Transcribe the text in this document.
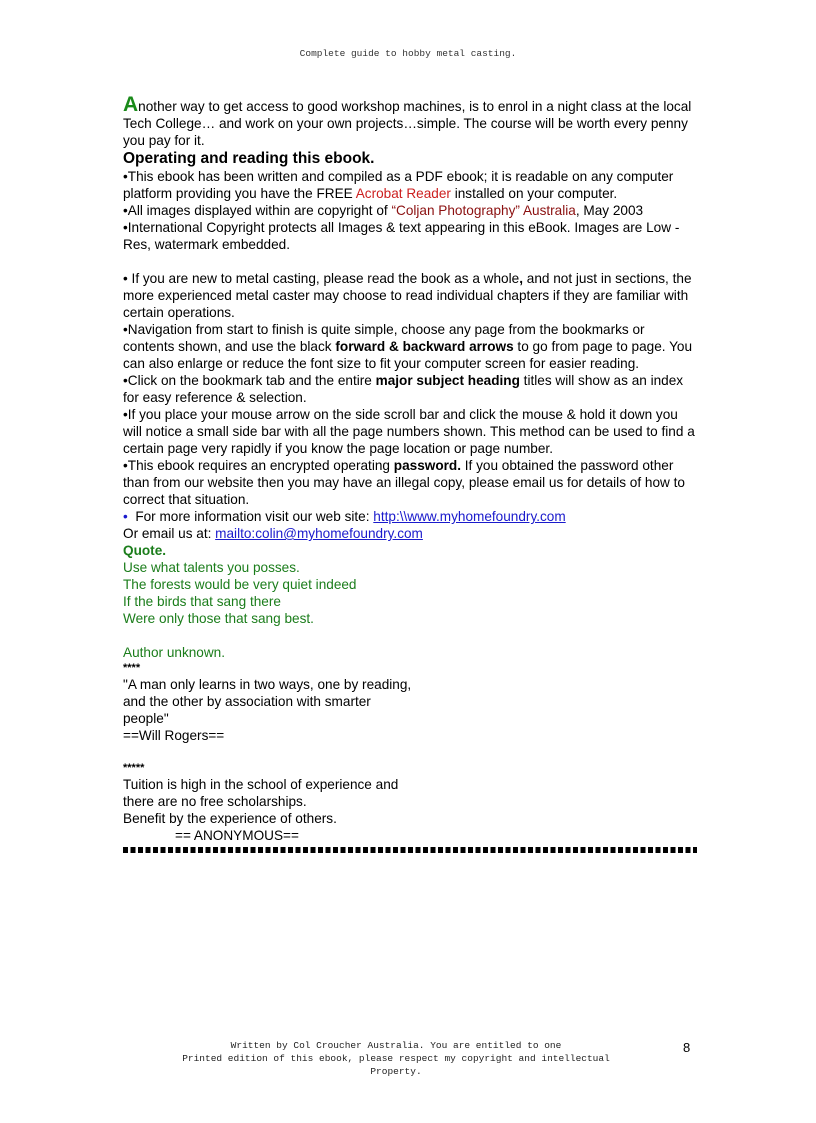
Complete guide to hobby metal casting.

Another way to get access to good workshop machines, is to enrol in a night class at the local Tech College… and work on your own projects…simple. The course will be worth every penny you pay for it.

Operating and reading this ebook.

•This ebook has been written and compiled as a PDF ebook; it is readable on any computer platform providing you have the FREE Acrobat Reader installed on your computer.

•All images displayed within are copyright of “Coljan Photography” Australia, May 2003

•International Copyright protects all Images & text appearing in this eBook. Images are Low - Res, watermark embedded.

• If you are new to metal casting, please read the book as a whole, and not just in sections, the more experienced metal caster may choose to read individual chapters if they are familiar with certain operations.

•Navigation from start to finish is quite simple, choose any page from the bookmarks or contents shown, and use the black forward & backward arrows to go from page to page. You can also enlarge or reduce the font size to fit your computer screen for easier reading.

•Click on the bookmark tab and the entire major subject heading titles will show as an index for easy reference & selection.

•If you place your mouse arrow on the side scroll bar and click the mouse & hold it down you will notice a small side bar with all the page numbers shown. This method can be used to find a certain page very rapidly if you know the page location or page number.

•This ebook requires an encrypted operating password. If you obtained the password other than from our website then you may have an illegal copy, please email us for details of how to correct that situation.

•  For more information visit our web site: http:\\www.myhomefoundry.com

Or email us at: mailto:colin@myhomefoundry.com

Quote.

Use what talents you posses.

The forests would be very quiet indeed

If the birds that sang there

Were only those that sang best.

Author unknown.

****

"A man only learns in two ways, one by reading,

and the other by association with smarter

people"

==Will Rogers==

*****

Tuition is high in the school of experience and

there are no free scholarships.

Benefit by the experience of others.

== ANONYMOUS==

Written by Col Croucher Australia. You are entitled to one
Printed edition of this ebook, please respect my copyright and intellectual
Property.
8
